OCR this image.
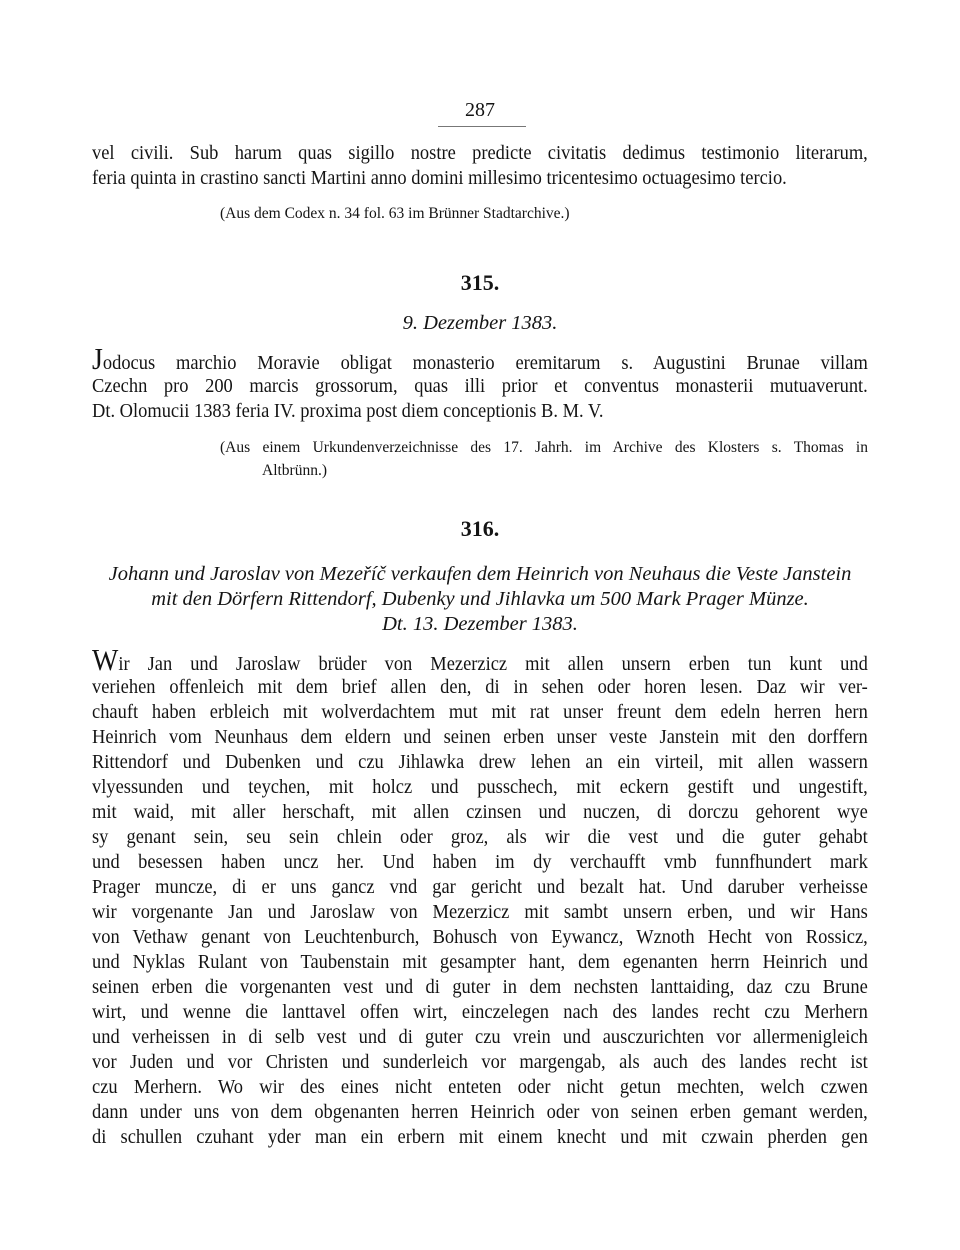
287
vel civili. Sub harum quas sigillo nostre predicte civitatis dedimus testimonio literarum,
feria quinta in crastino sancti Martini anno domini millesimo tricentesimo octuagesimo tercio.
(Aus dem Codex n. 34 fol. 63 im Brünner Stadtarchive.)
315.
9. Dezember 1383.
Jodocus marchio Moravie obligat monasterio eremitarum s. Augustini Brunae villam
Czechn pro 200 marcis grossorum, quas illi prior et conventus monasterii mutuaverunt.
Dt. Olomucii 1383 feria IV. proxima post diem conceptionis B. M. V.
(Aus einem Urkundenverzeichnisse des 17. Jahrh. im Archive des Klosters s. Thomas in
Altbrünn.)
316.
Johann und Jaroslav von Mezeříč verkaufen dem Heinrich von Neuhaus die Veste Janstein
mit den Dörfern Rittendorf, Dubenky und Jihlavka um 500 Mark Prager Münze.
Dt. 13. Dezember 1383.
Wir Jan und Jaroslaw brüder von Mezerzicz mit allen unsern erben tun kunt und
veriehen offenleich mit dem brief allen den, di in sehen oder horen lesen. Daz wir ver-
chauft haben erbleich mit wolverdachtem mut mit rat unser freunt dem edeln herren hern
Heinrich vom Neunhaus dem eldern und seinen erben unser veste Janstein mit den dorffern
Rittendorf und Dubenken und czu Jihlawka drew lehen an ein virteil, mit allen wassern
vlyessunden und teychen, mit holcz und pusschech, mit eckern gestift und ungestift,
mit waid, mit aller herschaft, mit allen czinsen und nuczen, di dorczu gehorent wye
sy genant sein, seu sein chlein oder groz, als wir die vest und die guter gehabt
und besessen haben uncz her. Und haben im dy verchaufft vmb funnfhundert mark
Prager muncze, di er uns gancz vnd gar gericht und bezalt hat. Und daruber verheisse
wir vorgenante Jan und Jaroslaw von Mezerzicz mit sambt unsern erben, und wir Hans
von Vethaw genant von Leuchtenburch, Bohusch von Eywancz, Wznoth Hecht von Rossicz,
und Nyklas Rulant von Taubenstain mit gesampter hant, dem egenanten herrn Heinrich und
seinen erben die vorgenanten vest und di guter in dem nechsten lanttaiding, daz czu Brune
wirt, und wenne die lanttavel offen wirt, einczelegen nach des landes recht czu Merhern
und verheissen in di selb vest und di guter czu vrein und ausczurichten vor allermenigleich
vor Juden und vor Christen und sunderleich vor margengab, als auch des landes recht ist
czu Merhern. Wo wir des eines nicht enteten oder nicht getun mechten, welch czwen
dann under uns von dem obgenanten herren Heinrich oder von seinen erben gemant werden,
di schullen czuhant yder man ein erbern mit einem knecht und mit czwain pherden gen
